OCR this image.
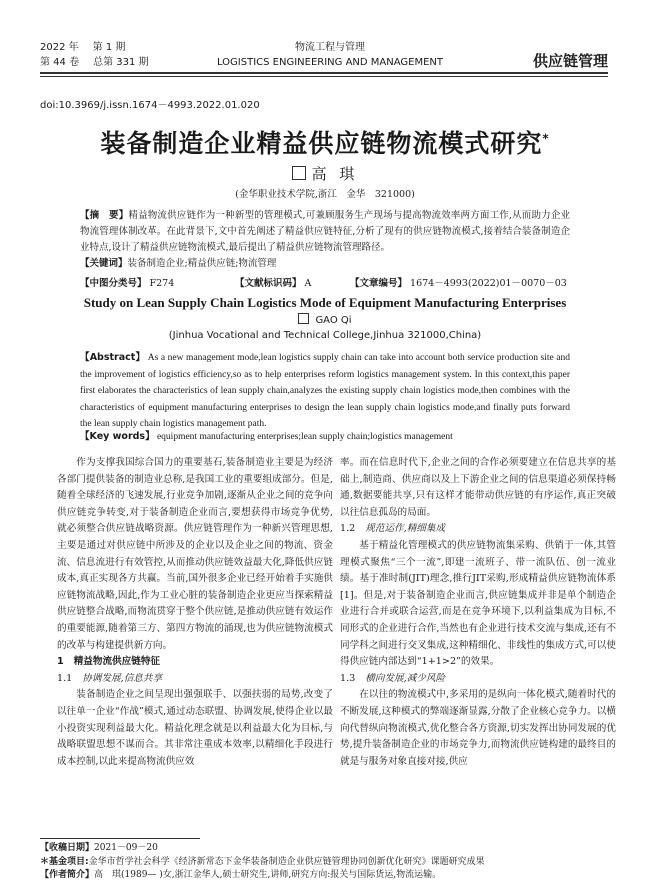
2022 年 第 1 期
第 44 卷 总第 331 期
物流工程与管理
LOGISTICS ENGINEERING AND MANAGEMENT	供应链管理
doi:10.3969/j.issn.1674－4993.2022.01.020
装备制造企业精益供应链物流模式研究*
高 琪
(金华职业技术学院,浙江　金华　321000)
【摘　要】精益物流供应链作为一种新型的管理模式,可兼顾服务生产现场与提高物流效率两方面工作,从而助力企业物流管理体制改革。在此背景下,文中首先阐述了精益供应链特征,分析了现有的供应链物流模式,接着结合装备制造企业特点,设计了精益供应链物流模式,最后提出了精益供应链物流管理路径。
【关键词】装备制造企业;精益供应链;物流管理
【中图分类号】 F274	【文献标识码】 A	【文章编号】 1674－4993(2022)01－0070－03
Study on Lean Supply Chain Logistics Mode of Equipment Manufacturing Enterprises
GAO Qi
(Jinhua Vocational and Technical College,Jinhua 321000,China)
【Abstract】 As a new management mode,lean logistics supply chain can take into account both service production site and the improvement of logistics efficiency,so as to help enterprises reform logistics management system. In this context,this paper first elaborates the characteristics of lean supply chain,analyzes the existing supply chain logistics mode,then combines with the characteristics of equipment manufacturing enterprises to design the lean supply chain logistics mode,and finally puts forward the lean supply chain logistics management path.
【Key words】 equipment manufacturing enterprises;lean supply chain;logistics management

作为支撑我国综合国力的重要基石,装备制造业主要是为经济各部门提供装备的制造业总称,是我国工业的重要组成部分。但是,随着全球经济的飞速发展,行业竞争加剧,逐渐从企业之间的竞争向供应链竞争转变,对于装备制造企业而言,要想获得市场竞争优势,就必须整合供应链战略资源。供应链管理作为一种新兴管理思想,主要是通过对供应链中所涉及的企业以及企业之间的物流、资金流、信息流进行有效管控,从而推动供应链效益最大化,降低供应链成本,真正实现各方共赢。当前,国外很多企业已经开始着手实施供应链物流战略,因此,作为工业心脏的装备制造企业更应当探索精益供应链整合战略,而物流贯穿于整个供应链,是推动供应链有效运作的重要能源,随着第三方、第四方物流的涌现,也为供应链物流模式的改革与构建提供新方向。

1 精益物流供应链特征

1.1 协调发展,信息共享

装备制造企业之间呈现出强强联手、以强扶弱的局势,改变了以往单一企业“作战”模式,通过动态联盟、协调发展,使得企业以最小投资实现利益最大化。精益化理念就是以利益最大化为目标,与战略联盟思想不谋而合。其非常注重成本效率,以精细化手段进行成本控制,以此来提高物流供应效

率。而在信息时代下,企业之间的合作必须要建立在信息共享的基础上,制造商、供应商以及上下游企业之间的信息渠道必须保持畅通,数据要能共享,只有这样才能带动供应链的有序运作,真正突破以往信息孤岛的局面。

1.2 规范运作,精细集成

基于精益化管理模式的供应链物流集采购、供销于一体,其管理模式聚焦“三个一流”,即建一流班子、带一流队伍、创一流业绩。基于准时制(JIT)理念,推行JIT采购,形成精益供应链物流体系[1]。但是,对于装备制造企业而言,供应链集成并非是单个制造企业进行合并或联合运营,而是在竞争环境下,以利益集成为目标,不同形式的企业进行合作,当然也有企业进行技术交流与集成,还有不同学科之间进行交叉集成,这种精细化、非线性的集成方式,可以使得供应链内部达到“1+1>2”的效果。

1.3 横向发展,减少风险

在以往的物流模式中,多采用的是纵向一体化模式,随着时代的不断发展,这种模式的弊端逐渐显露,分散了企业核心竞争力。以横向代替纵向物流模式,优化整合各方资源,切实发挥出协同发展的优势,提升装备制造企业的市场竞争力,而物流供应链构建的最终目的就是与服务对象直接对接,供应

【收稿日期】2021－09－20
＊基金项目:金华市哲学社会科学《经济新常态下金华装备制造企业供应链管理协同创新优化研究》课题研究成果
【作者简介】高　琪(1989— )女,浙江金华人,硕士研究生,讲师,研究方向:报关与国际货运,物流运输。
